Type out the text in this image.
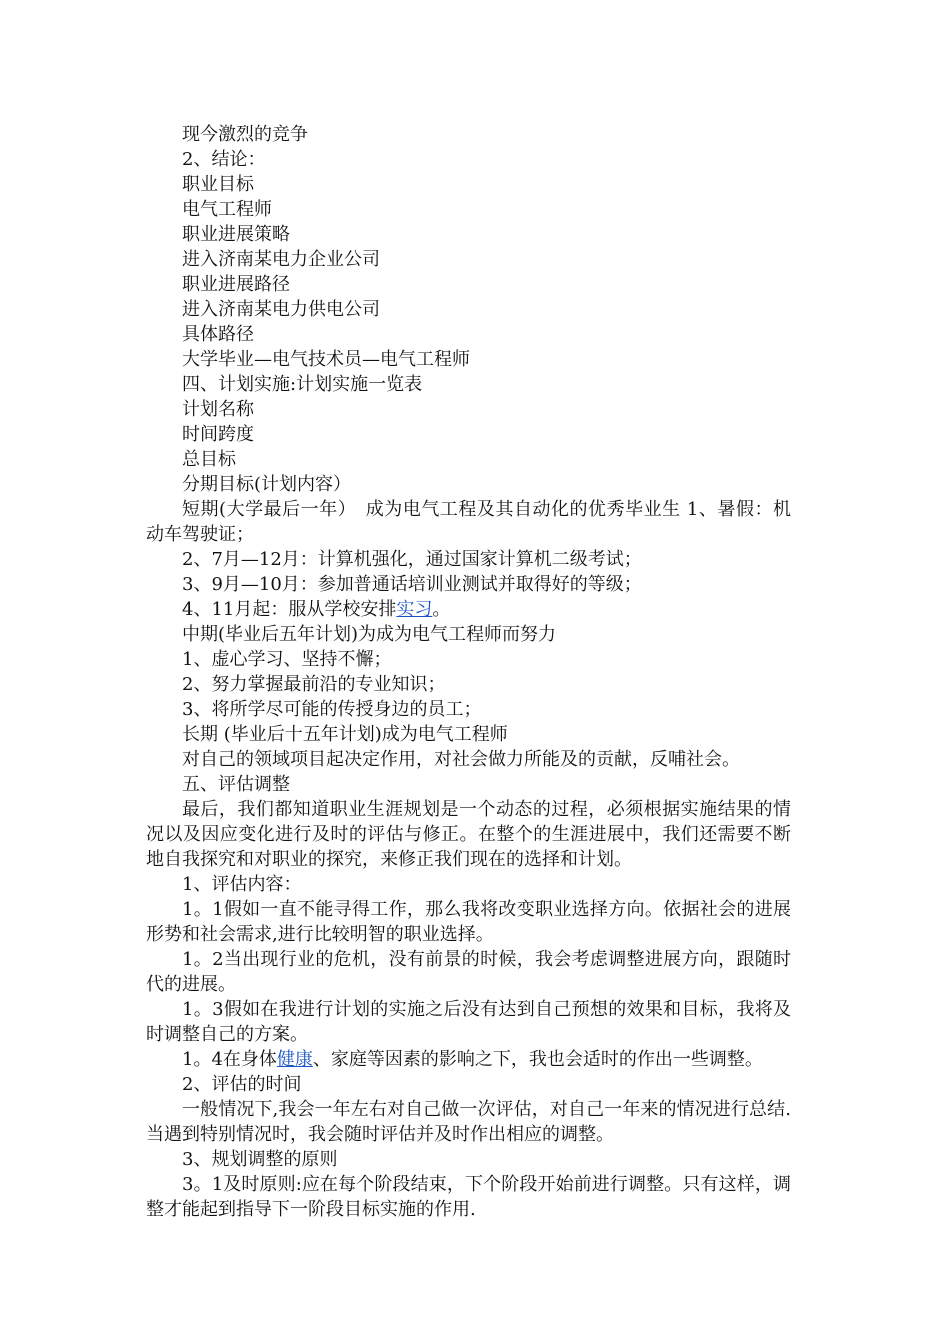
现今激烈的竞争

2、结论：

职业目标

电气工程师

职业进展策略

进入济南某电力企业公司

职业进展路径

进入济南某电力供电公司

具体路径

大学毕业—电气技术员—电气工程师

四、计划实施:计划实施一览表

计划名称

时间跨度

总目标

分期目标(计划内容）

短期(大学最后一年）　成为电气工程及其自动化的优秀毕业生 1、暑假：机动车驾驶证；

2、7月—12月：计算机强化，通过国家计算机二级考试；

3、9月—10月：参加普通话培训业测试并取得好的等级；

4、11月起：服从学校安排实习。

中期(毕业后五年计划)为成为电气工程师而努力

1、虚心学习、坚持不懈；

2、努力掌握最前沿的专业知识；

3、将所学尽可能的传授身边的员工；

长期 (毕业后十五年计划)成为电气工程师

对自己的领域项目起决定作用，对社会做力所能及的贡献，反哺社会。

五、评估调整

最后，我们都知道职业生涯规划是一个动态的过程，必须根据实施结果的情况以及因应变化进行及时的评估与修正。在整个的生涯进展中，我们还需要不断地自我探究和对职业的探究，来修正我们现在的选择和计划。

1、评估内容：

1。1假如一直不能寻得工作，那么我将改变职业选择方向。依据社会的进展形势和社会需求,进行比较明智的职业选择。

1。2当出现行业的危机，没有前景的时候，我会考虑调整进展方向，跟随时代的进展。

1。3假如在我进行计划的实施之后没有达到自己预想的效果和目标，我将及时调整自己的方案。

1。4在身体健康、家庭等因素的影响之下，我也会适时的作出一些调整。

2、评估的时间

一般情况下,我会一年左右对自己做一次评估，对自己一年来的情况进行总结.当遇到特别情况时，我会随时评估并及时作出相应的调整。

3、规划调整的原则

3。1及时原则:应在每个阶段结束，下个阶段开始前进行调整。只有这样，调整才能起到指导下一阶段目标实施的作用.
